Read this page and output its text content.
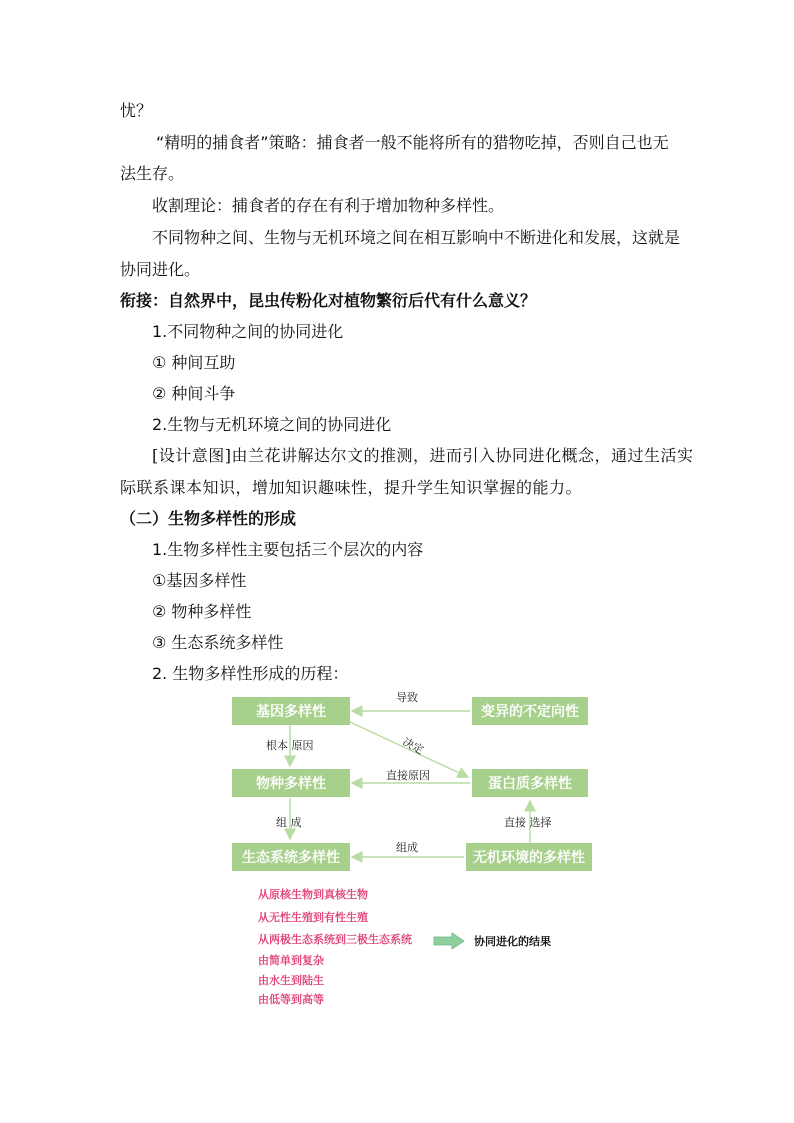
忧？
“精明的捕食者”策略：捕食者一般不能将所有的猎物吃掉，否则自己也无
法生存。
收割理论：捕食者的存在有利于增加物种多样性。
不同物种之间、生物与无机环境之间在相互影响中不断进化和发展，这就是
协同进化。
衔接：自然界中，昆虫传粉化对植物繁衍后代有什么意义？
1.不同物种之间的协同进化
① 种间互助
② 种间斗争
2.生物与无机环境之间的协同进化
[设计意图]由兰花讲解达尔文的推测，进而引入协同进化概念，通过生活实
际联系课本知识，增加知识趣味性，提升学生知识掌握的能力。
（二）生物多样性的形成
1.生物多样性主要包括三个层次的内容
①基因多样性
② 物种多样性
③ 生态系统多样性
2. 生物多样性形成的历程：
基因多样性	变异的不定向性
物种多样性	蛋白质多样性
生态系统多样性	无机环境的多样性
导致
决定
根本 原因
直接原因
组 成	直接 选择
组成
从原核生物到真核生物
从无性生殖到有性生殖
从两极生态系统到三极生态系统
由简单到复杂
由水生到陆生
由低等到高等
协同进化的结果
